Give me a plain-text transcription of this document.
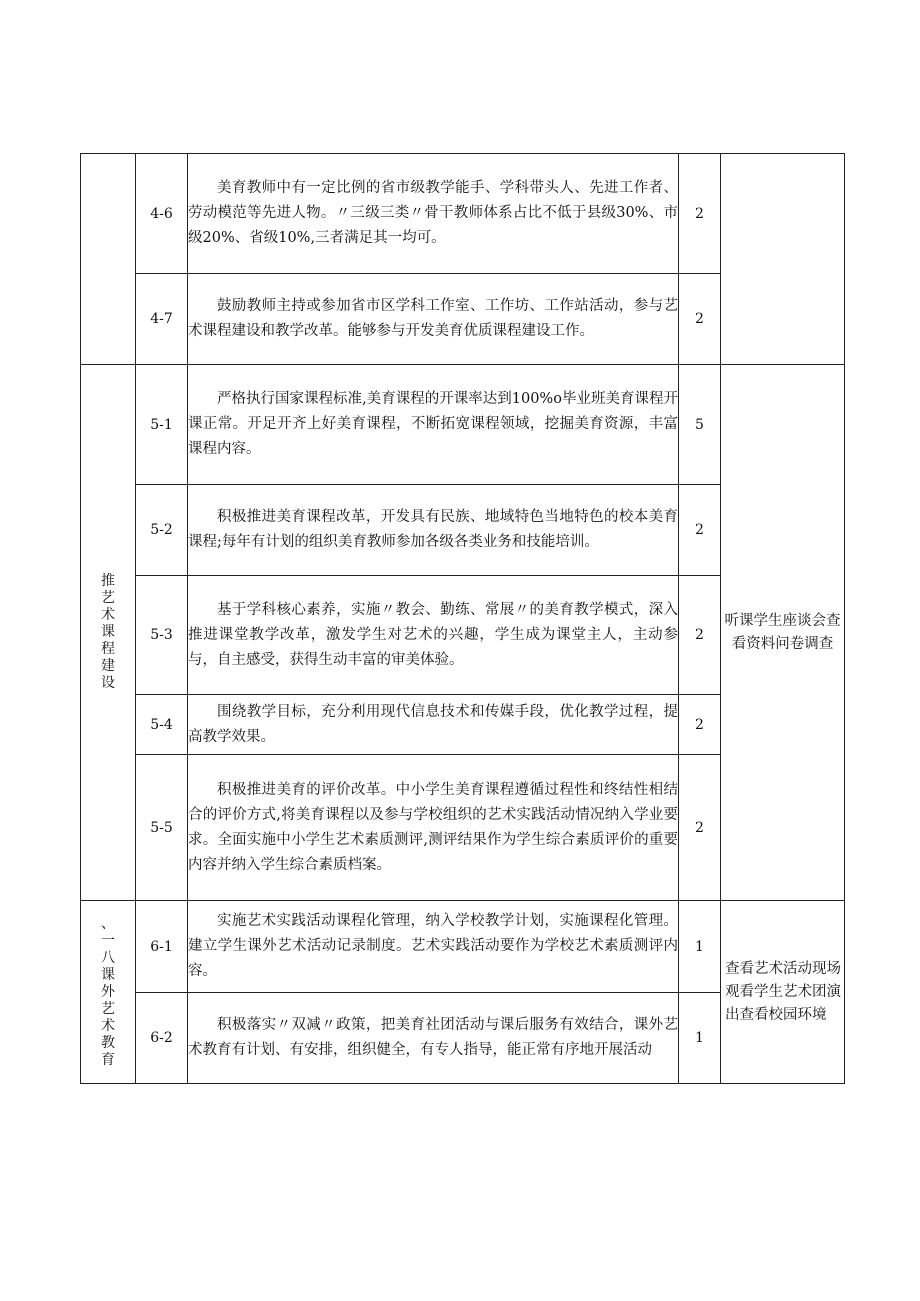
	4-6	美育教师中有一定比例的省市级教学能手、学科带头人、先进工作者、劳动模范等先进人物。〃三级三类〃骨干教师体系占比不低于县级30%、市级20%、省级10%,三者满足其一均可。	2	
	4-7	鼓励教师主持或参加省市区学科工作室、工作坊、工作站活动，参与艺术课程建设和教学改革。能够参与开发美育优质课程建设工作。	2	
推艺术课程建设	5-1	严格执行国家课程标准,美育课程的开课率达到100%o毕业班美育课程开课正常。开足开齐上好美育课程，不断拓宽课程领域，挖掘美育资源，丰富课程内容。	5	听课学生座谈会查看资料问卷调查
	5-2	积极推进美育课程改革，开发具有民族、地域特色当地特色的校本美育课程;每年有计划的组织美育教师参加各级各类业务和技能培训。	2	
	5-3	基于学科核心素养，实施〃教会、勤练、常展〃的美育教学模式，深入推进课堂教学改革，激发学生对艺术的兴趣，学生成为课堂主人，主动参与，自主感受，获得生动丰富的审美体验。	2	
	5-4	围绕教学目标，充分利用现代信息技术和传媒手段，优化教学过程，提高教学效果。	2	
	5-5	积极推进美育的评价改革。中小学生美育课程遵循过程性和终结性相结合的评价方式,将美育课程以及参与学校组织的艺术实践活动情况纳入学业要求。全面实施中小学生艺术素质测评,测评结果作为学生综合素质评价的重要内容并纳入学生综合素质档案。	2	
、一八课外艺术教育	6-1	实施艺术实践活动课程化管理，纳入学校教学计划，实施课程化管理。建立学生课外艺术活动记录制度。艺术实践活动要作为学校艺术素质测评内容。	1	查看艺术活动现场观看学生艺术团演出查看校园环境
	6-2	积极落实〃双减〃政策，把美育社团活动与课后服务有效结合，课外艺术教育有计划、有安排，组织健全，有专人指导，能正常有序地开展活动	1	
